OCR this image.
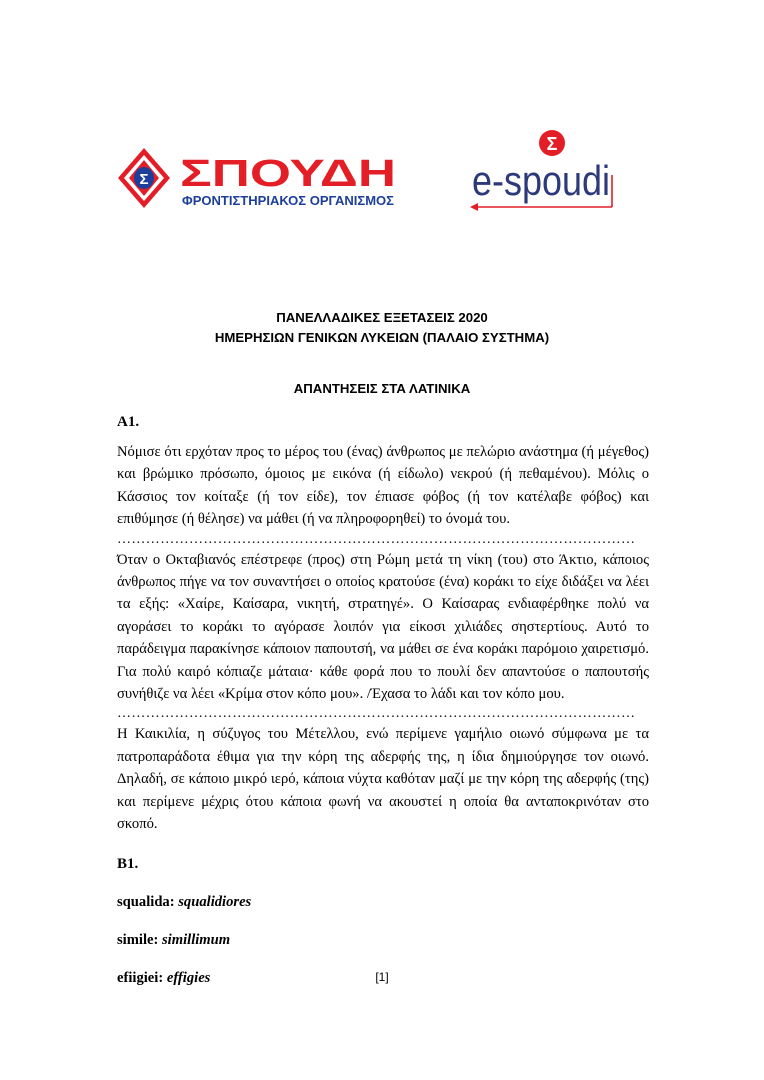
Σ ΣΠΟΥΔΗ
ΦΡΟΝΤΙΣΤΗΡΙΑΚΟΣ ΟΡΓΑΝΙΣΜΟΣ
Σ
e-spoudi
ΠΑΝΕΛΛΑΔΙΚΕΣ ΕΞΕΤΑΣΕΙΣ 2020
ΗΜΕΡΗΣΙΩΝ ΓΕΝΙΚΩΝ ΛΥΚΕΙΩΝ (ΠΑΛΑΙΟ ΣΥΣΤΗΜΑ)
ΑΠΑΝΤΗΣΕΙΣ ΣΤΑ ΛΑΤΙΝΙΚΑ
Α1.

Νόμισε ότι ερχόταν προς το μέρος του (ένας) άνθρωπος με πελώριο ανάστημα (ή μέγεθος) και βρώμικο πρόσωπο, όμοιος με εικόνα (ή είδωλο) νεκρού (ή πεθαμένου). Μόλις ο Κάσσιος τον κοίταξε (ή τον είδε), τον έπιασε φόβος (ή τον κατέλαβε φόβος) και επιθύμησε (ή θέλησε) να μάθει (ή να πληροφορηθεί) το όνομά του.

………………………………………………………………………………………………

Όταν ο Οκταβιανός επέστρεφε (προς) στη Ρώμη μετά τη νίκη (του) στο Άκτιο, κάποιος άνθρωπος πήγε να τον συναντήσει ο οποίος κρατούσε (ένα) κοράκι το είχε διδάξει να λέει τα εξής: «Χαίρε, Καίσαρα, νικητή, στρατηγέ». Ο Καίσαρας ενδιαφέρθηκε πολύ να αγοράσει το κοράκι το αγόρασε λοιπόν για είκοσι χιλιάδες σηστερτίους. Αυτό το παράδειγμα παρακίνησε κάποιον παπουτσή, να μάθει σε ένα κοράκι παρόμοιο χαιρετισμό. Για πολύ καιρό κόπιαζε μάταια· κάθε φορά που το πουλί δεν απαντούσε ο παπουτσής συνήθιζε να λέει «Κρίμα στον κόπο μου». /Έχασα το λάδι και τον κόπο μου.

………………………………………………………………………………………………

Η Καικιλία, η σύζυγος του Μέτελλου, ενώ περίμενε γαμήλιο οιωνό σύμφωνα με τα πατροπαράδοτα έθιμα για την κόρη της αδερφής της, η ίδια δημιούργησε τον οιωνό. Δηλαδή, σε κάποιο μικρό ιερό, κάποια νύχτα καθόταν μαζί με την κόρη της αδερφής (της) και περίμενε μέχρις ότου κάποια φωνή να ακουστεί η οποία θα ανταποκρινόταν στο σκοπό.

Β1.
squalida: squalidiores
simile: simillimum
efiigiei: effigies	[1]
